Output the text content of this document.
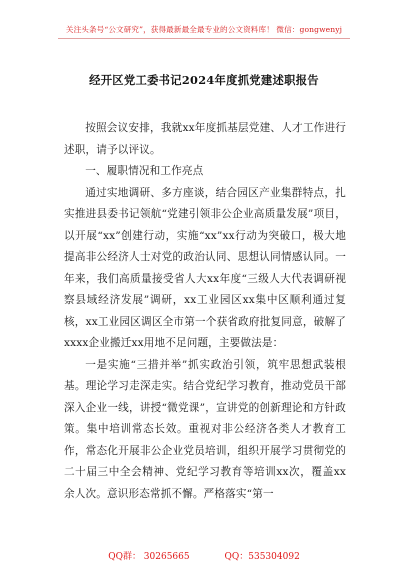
关注头条号“公文研究”，获得最新最全最专业的公文资料库！ 微信：gongwenyj
经开区党工委书记2024年度抓党建述职报告

按照会议安排，我就xx年度抓基层党建、人才工作进行述职，请予以评议。

一、履职情况和工作亮点

通过实地调研、多方座谈，结合园区产业集群特点，扎实推进县委书记领航“党建引领非公企业高质量发展”项目，以开展“xx”创建行动，实施“xx”xx行动为突破口，极大地提高非公经济人士对党的政治认同、思想认同情感认同。一年来，我们高质量接受省人大xx年度“三级人大代表调研视察县域经济发展”调研，xx工业园区xx集中区顺利通过复核，xx工业园区调区全市第一个获省政府批复同意，破解了xxxx企业搬迁xx用地不足问题，主要做法是：

一是实施“三措并举”抓实政治引领，筑牢思想武装根基。理论学习走深走实。结合党纪学习教育，推动党员干部深入企业一线，讲授“微党课”，宣讲党的创新理论和方针政策。集中培训常态长效。重视对非公经济各类人才教育工作，常态化开展非公企业党员培训，组织开展学习贯彻党的二十届三中全会精神、党纪学习教育等培训xx次，覆盖xx余人次。意识形态常抓不懈。严格落实“第一

QQ群： 30265665	QQ：535304092
